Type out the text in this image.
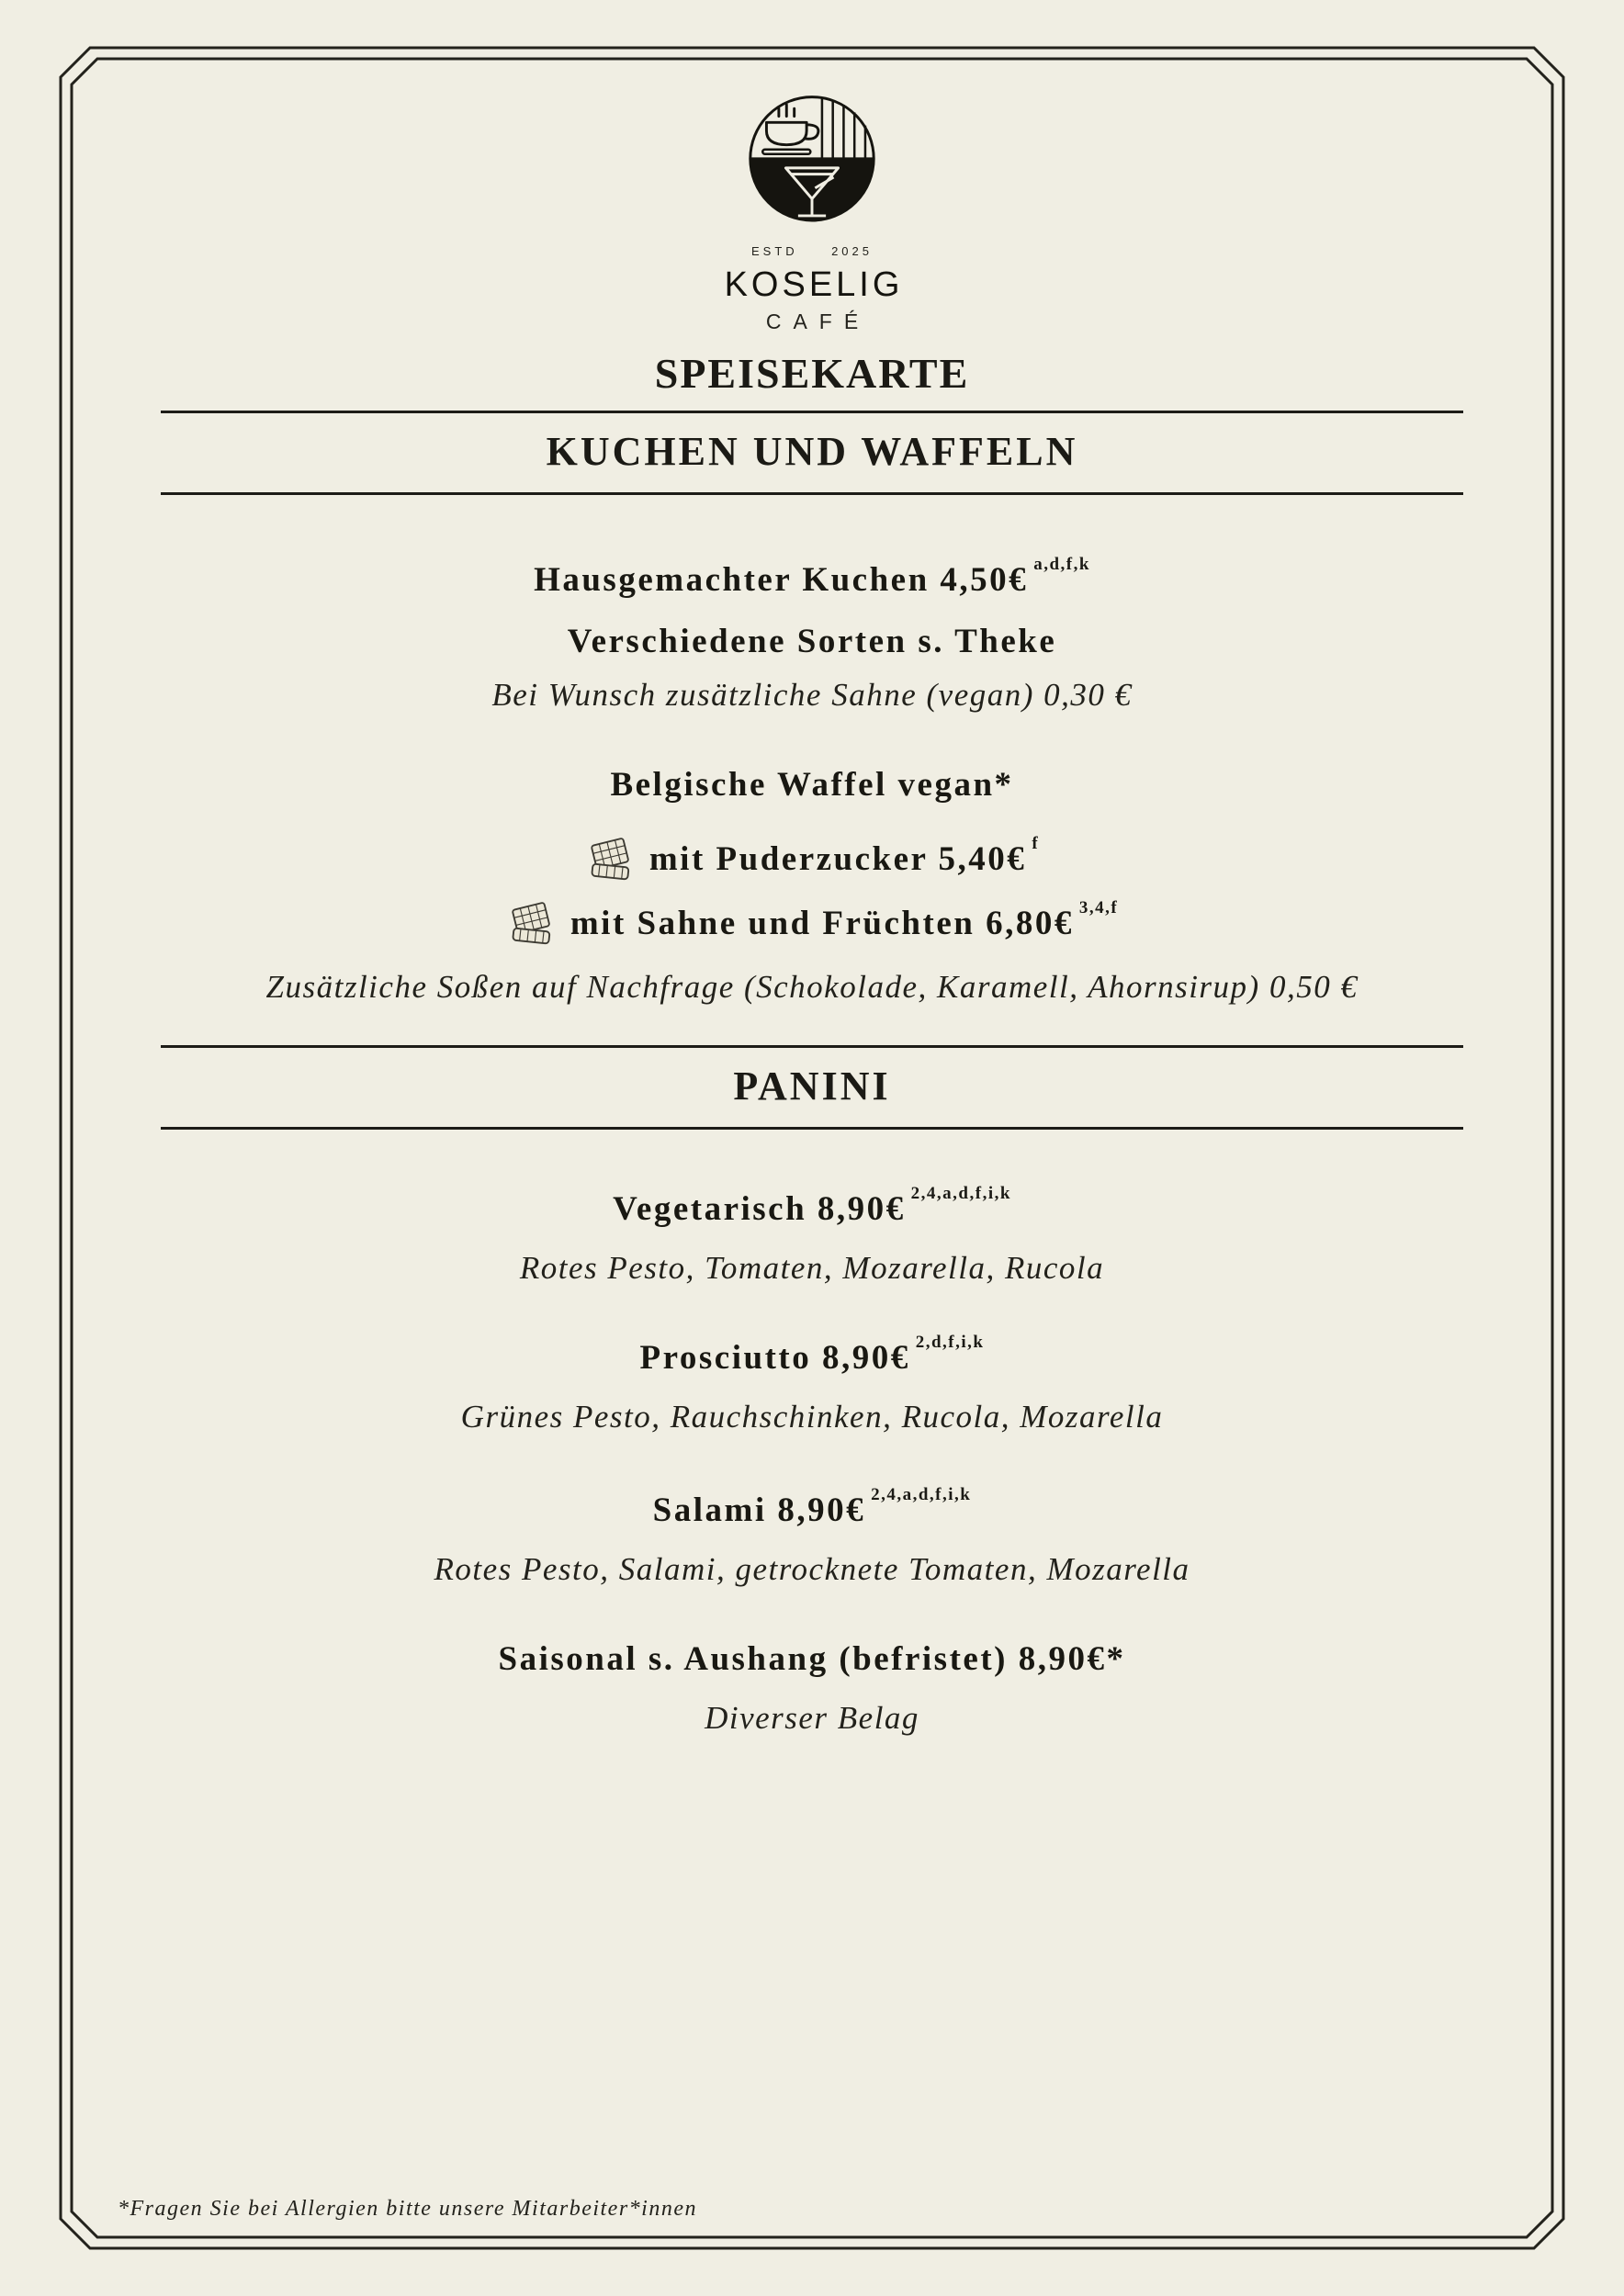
ESTD	2025
KOSELIG
CAFÉ
SPEISEKARTE
KUCHEN UND WAFFELN
Hausgemachter Kuchen 4,50€ a,d,f,k
Verschiedene Sorten s. Theke
Bei Wunsch zusätzliche Sahne (vegan) 0,30 €
Belgische Waffel vegan*
mit Puderzucker 5,40€ f
mit Sahne und Früchten 6,80€ 3,4,f
Zusätzliche Soßen auf Nachfrage (Schokolade, Karamell, Ahornsirup) 0,50 €
PANINI
Vegetarisch 8,90€ 2,4,a,d,f,i,k
Rotes Pesto, Tomaten, Mozarella, Rucola
Prosciutto 8,90€ 2,d,f,i,k
Grünes Pesto, Rauchschinken, Rucola, Mozarella
Salami 8,90€ 2,4,a,d,f,i,k
Rotes Pesto, Salami, getrocknete Tomaten, Mozarella
Saisonal s. Aushang (befristet) 8,90€*
Diverser Belag
*Fragen Sie bei Allergien bitte unsere Mitarbeiter*innen
